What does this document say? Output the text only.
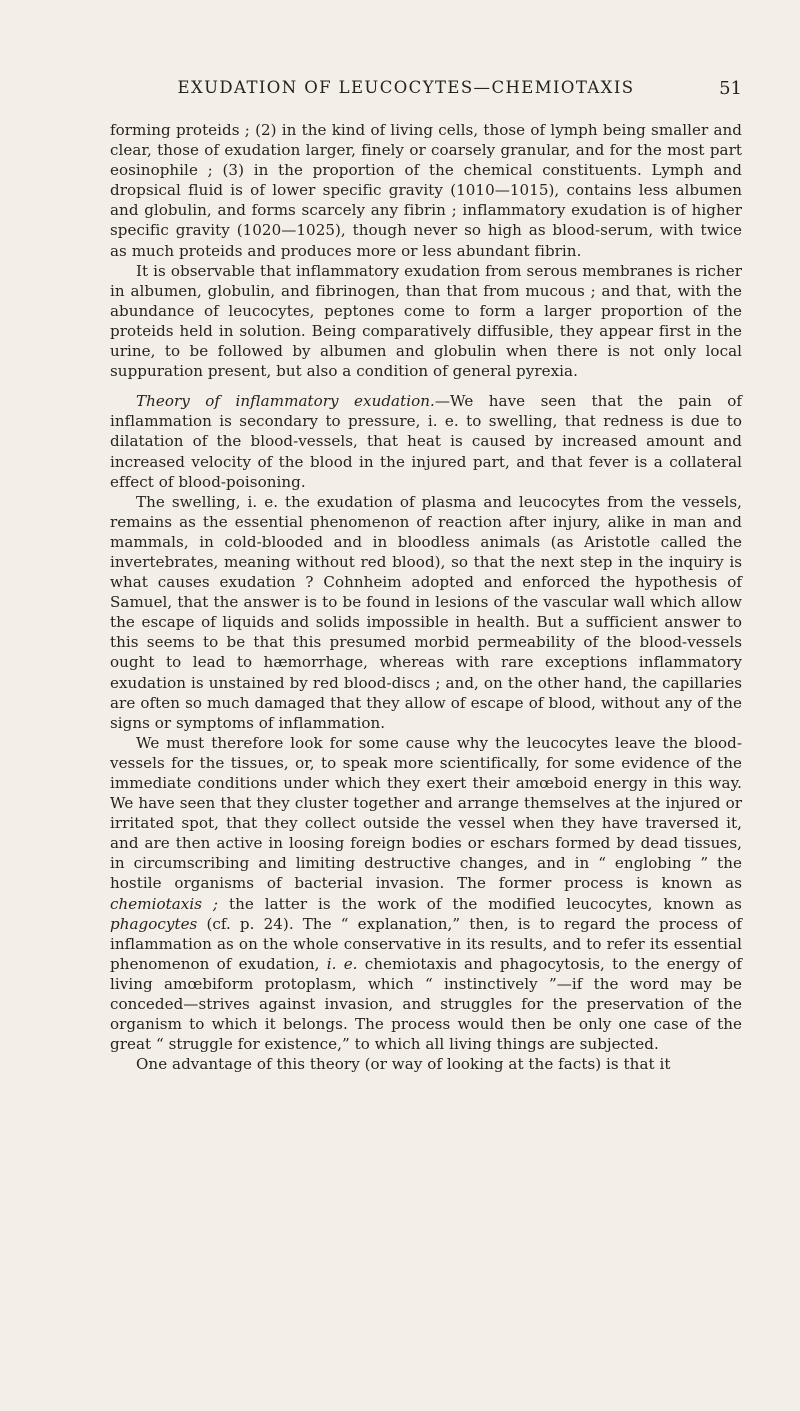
EXUDATION OF LEUCOCYTES—CHEMIOTAXIS	51

forming proteids ; (2) in the kind of living cells, those of lymph being smaller and clear, those of exudation larger, finely or coarsely granular, and for the most part eosinophile ; (3) in the proportion of the chemical constituents. Lymph and dropsical fluid is of lower specific gravity (1010—1015), contains less albumen and globulin, and forms scarcely any fibrin ; inflammatory exudation is of higher specific gravity (1020—1025), though never so high as blood-serum, with twice as much proteids and produces more or less abundant fibrin.

It is observable that inflammatory exudation from serous membranes is richer in albumen, globulin, and fibrinogen, than that from mucous ; and that, with the abundance of leucocytes, peptones come to form a larger proportion of the proteids held in solution. Being comparatively diffusible, they appear first in the urine, to be followed by albumen and globulin when there is not only local suppuration present, but also a condition of general pyrexia.

Theory of inflammatory exudation.—We have seen that the pain of inflammation is secondary to pressure, i. e. to swelling, that redness is due to dilatation of the blood-vessels, that heat is caused by increased amount and increased velocity of the blood in the injured part, and that fever is a collateral effect of blood-poisoning.

The swelling, i. e. the exudation of plasma and leucocytes from the vessels, remains as the essential phenomenon of reaction after injury, alike in man and mammals, in cold-blooded and in bloodless animals (as Aristotle called the invertebrates, meaning without red blood), so that the next step in the inquiry is what causes exudation ? Cohnheim adopted and enforced the hypothesis of Samuel, that the answer is to be found in lesions of the vascular wall which allow the escape of liquids and solids impossible in health. But a sufficient answer to this seems to be that this presumed morbid permeability of the blood-vessels ought to lead to hæmorrhage, whereas with rare exceptions inflammatory exudation is unstained by red blood-discs ; and, on the other hand, the capillaries are often so much damaged that they allow of escape of blood, without any of the signs or symptoms of inflammation.

We must therefore look for some cause why the leucocytes leave the blood-vessels for the tissues, or, to speak more scientifically, for some evidence of the immediate conditions under which they exert their amœboid energy in this way. We have seen that they cluster together and arrange themselves at the injured or irritated spot, that they collect outside the vessel when they have traversed it, and are then active in loosing foreign bodies or eschars formed by dead tissues, in circumscribing and limiting destructive changes, and in “ englobing ” the hostile organisms of bacterial invasion. The former process is known as chemiotaxis ; the latter is the work of the modified leucocytes, known as phagocytes (cf. p. 24). The “ explanation,” then, is to regard the process of inflammation as on the whole conservative in its results, and to refer its essential phenomenon of exudation, i. e. chemiotaxis and phagocytosis, to the energy of living amœbiform protoplasm, which “ instinctively ”—if the word may be conceded—strives against invasion, and struggles for the preservation of the organism to which it belongs. The process would then be only one case of the great “ struggle for existence,” to which all living things are subjected.

One advantage of this theory (or way of looking at the facts) is that it
